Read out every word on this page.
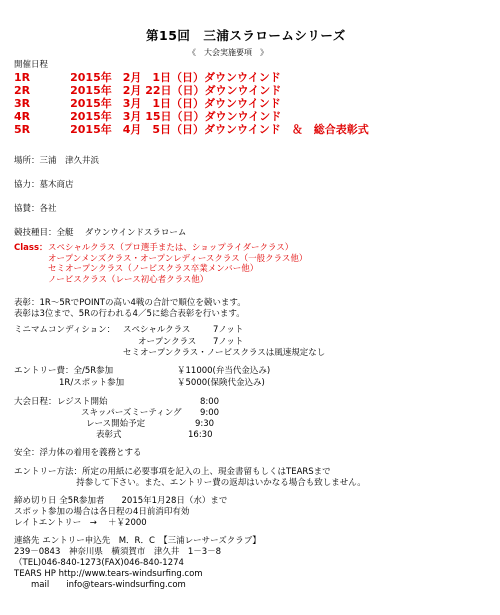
第15回　三浦スラロームシリーズ
《　大会実施要項　》
開催日程
1R	2015年　2月　1日（日）ダウンウインド
2R	2015年　2月 22日（日）ダウンウインド
3R	2015年　3月　1日（日）ダウンウインド
4R	2015年　3月 15日（日）ダウンウインド
5R	2015年　4月　5日（日）ダウンウインド　＆　総合表彰式
場所：三浦　津久井浜
協力：墓木商店
協賛：各社
競技種目：全艇　 ダウンウインドスラローム
Class： スペシャルクラス（プロ選手または、ショップライダークラス）
オープンメンズクラス・オープンレディースクラス（一般クラス他）
セミオープンクラス（ノービスクラス卒業メンバー他）
ノービスクラス（レース初心者クラス他）
表彰：1R～5RでPOINTの高い4戦の合計で順位を競います。
表彰は3位まで、5Rの行われる4／5に総合表彰を行います。
ミニマムコンディション： スペシャルクラス	7ノット
オープンクラス 7ノット
セミオープンクラス・ノービスクラスは風速規定なし
エントリー費：全/5R参加	￥11000(弁当代金込み)
1R/スポット参加	￥5000(保険代金込み)
大会日程： レジスト開始	8:00
スキッパーズミーティング 9:00
レース開始予定	9:30
表彰式	16:30
安全：浮力体の着用を義務とする
エントリー方法：所定の用紙に必要事項を記入の上、現金書留もしくはTEARSまで
　　　　　　　 持参して下さい。また、エントリー費の返却はいかなる場合も致しません。
締め切り日 全5R参加者　　2015年1月28日（水）まで
スポット参加の場合は各日程の4日前消印有効
レイトエントリー　→　 ＋￥2000
連絡先 エントリー申込先　M．R．C　【三浦レーサーズクラブ】
239－0843　神奈川県　横須賀市　津久井　1－3－8
（TEL)046-840-1273(FAX)046-840-1274
TEARS HP http://www.tears-windsurfing.com
　　mail　　info@tears-windsurfing.com
